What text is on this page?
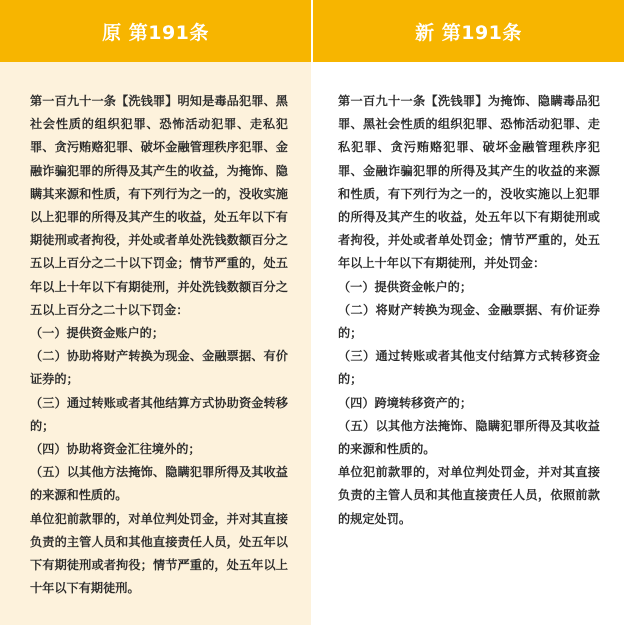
原 第191条
第一百九十一条【洗钱罪】明知是毒品犯罪、黑社会性质的组织犯罪、恐怖活动犯罪、走私犯罪、贪污贿赂犯罪、破坏金融管理秩序犯罪、金融诈骗犯罪的所得及其产生的收益，为掩饰、隐瞒其来源和性质，有下列行为之一的，没收实施以上犯罪的所得及其产生的收益，处五年以下有期徒刑或者拘役，并处或者单处洗钱数额百分之五以上百分之二十以下罚金；情节严重的，处五年以上十年以下有期徒刑，并处洗钱数额百分之五以上百分之二十以下罚金：
（一）提供资金账户的；
（二）协助将财产转换为现金、金融票据、有价证券的；
（三）通过转账或者其他结算方式协助资金转移的；
（四）协助将资金汇往境外的；
（五）以其他方法掩饰、隐瞒犯罪所得及其收益的来源和性质的。
单位犯前款罪的，对单位判处罚金，并对其直接负责的主管人员和其他直接责任人员，处五年以下有期徒刑或者拘役；情节严重的，处五年以上十年以下有期徒刑。
新 第191条
第一百九十一条【洗钱罪】为掩饰、隐瞒毒品犯罪、黑社会性质的组织犯罪、恐怖活动犯罪、走私犯罪、贪污贿赂犯罪、破坏金融管理秩序犯罪、金融诈骗犯罪的所得及其产生的收益的来源和性质，有下列行为之一的，没收实施以上犯罪的所得及其产生的收益，处五年以下有期徒刑或者拘役，并处或者单处罚金；情节严重的，处五年以上十年以下有期徒刑，并处罚金：
（一）提供资金帐户的；
（二）将财产转换为现金、金融票据、有价证券的；
（三）通过转账或者其他支付结算方式转移资金的；
（四）跨境转移资产的；
（五）以其他方法掩饰、隐瞒犯罪所得及其收益的来源和性质的。
单位犯前款罪的，对单位判处罚金，并对其直接负责的主管人员和其他直接责任人员，依照前款的规定处罚。
